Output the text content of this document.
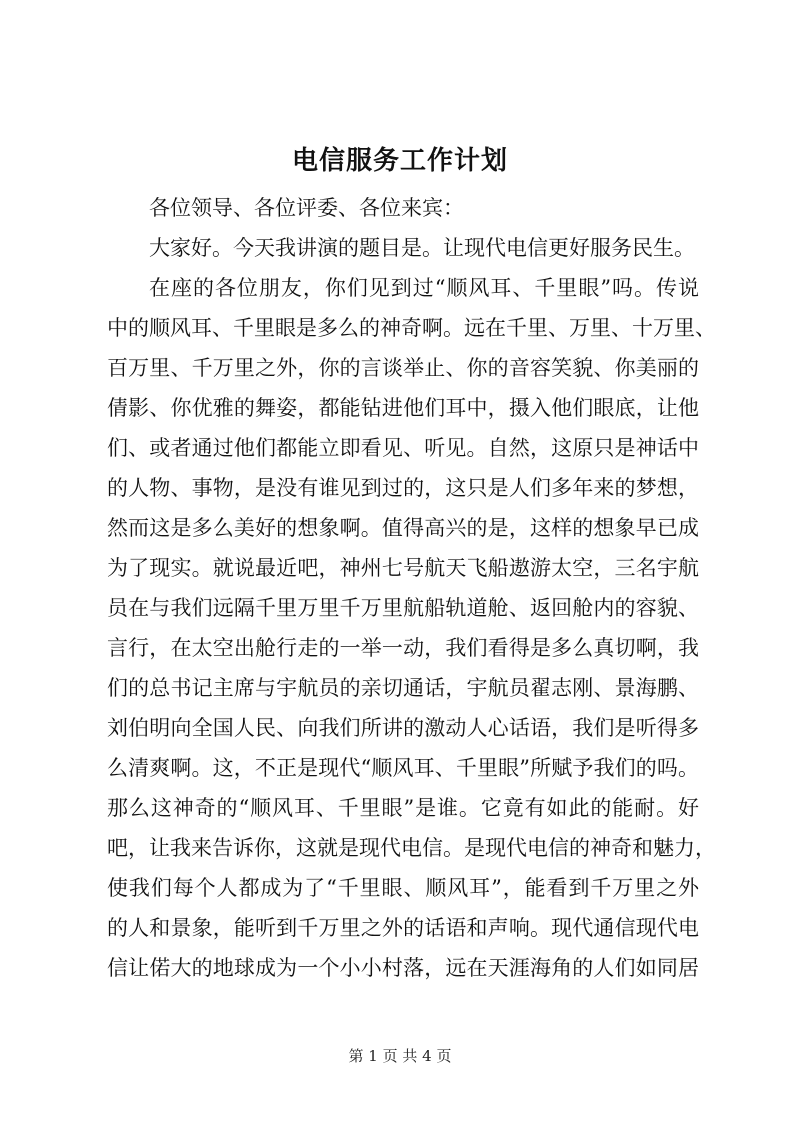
电信服务工作计划
各位领导、各位评委、各位来宾：
大家好。今天我讲演的题目是。让现代电信更好服务民生。
在座的各位朋友，你们见到过“顺风耳、千里眼”吗。传说
中的顺风耳、千里眼是多么的神奇啊。远在千里、万里、十万里、
百万里、千万里之外，你的言谈举止、你的音容笑貌、你美丽的
倩影、你优雅的舞姿，都能钻进他们耳中，摄入他们眼底，让他
们、或者通过他们都能立即看见、听见。自然，这原只是神话中
的人物、事物，是没有谁见到过的，这只是人们多年来的梦想，
然而这是多么美好的想象啊。值得高兴的是，这样的想象早已成
为了现实。就说最近吧，神州七号航天飞船遨游太空，三名宇航
员在与我们远隔千里万里千万里航船轨道舱、返回舱内的容貌、
言行，在太空出舱行走的一举一动，我们看得是多么真切啊，我
们的总书记主席与宇航员的亲切通话，宇航员翟志刚、景海鹏、
刘伯明向全国人民、向我们所讲的激动人心话语，我们是听得多
么清爽啊。这，不正是现代“顺风耳、千里眼”所赋予我们的吗。
那么这神奇的“顺风耳、千里眼”是谁。它竟有如此的能耐。好
吧，让我来告诉你，这就是现代电信。是现代电信的神奇和魅力，
使我们每个人都成为了“千里眼、顺风耳”，能看到千万里之外
的人和景象，能听到千万里之外的话语和声响。现代通信现代电
信让偌大的地球成为一个小小村落，远在天涯海角的人们如同居
第 1 页 共 4 页
